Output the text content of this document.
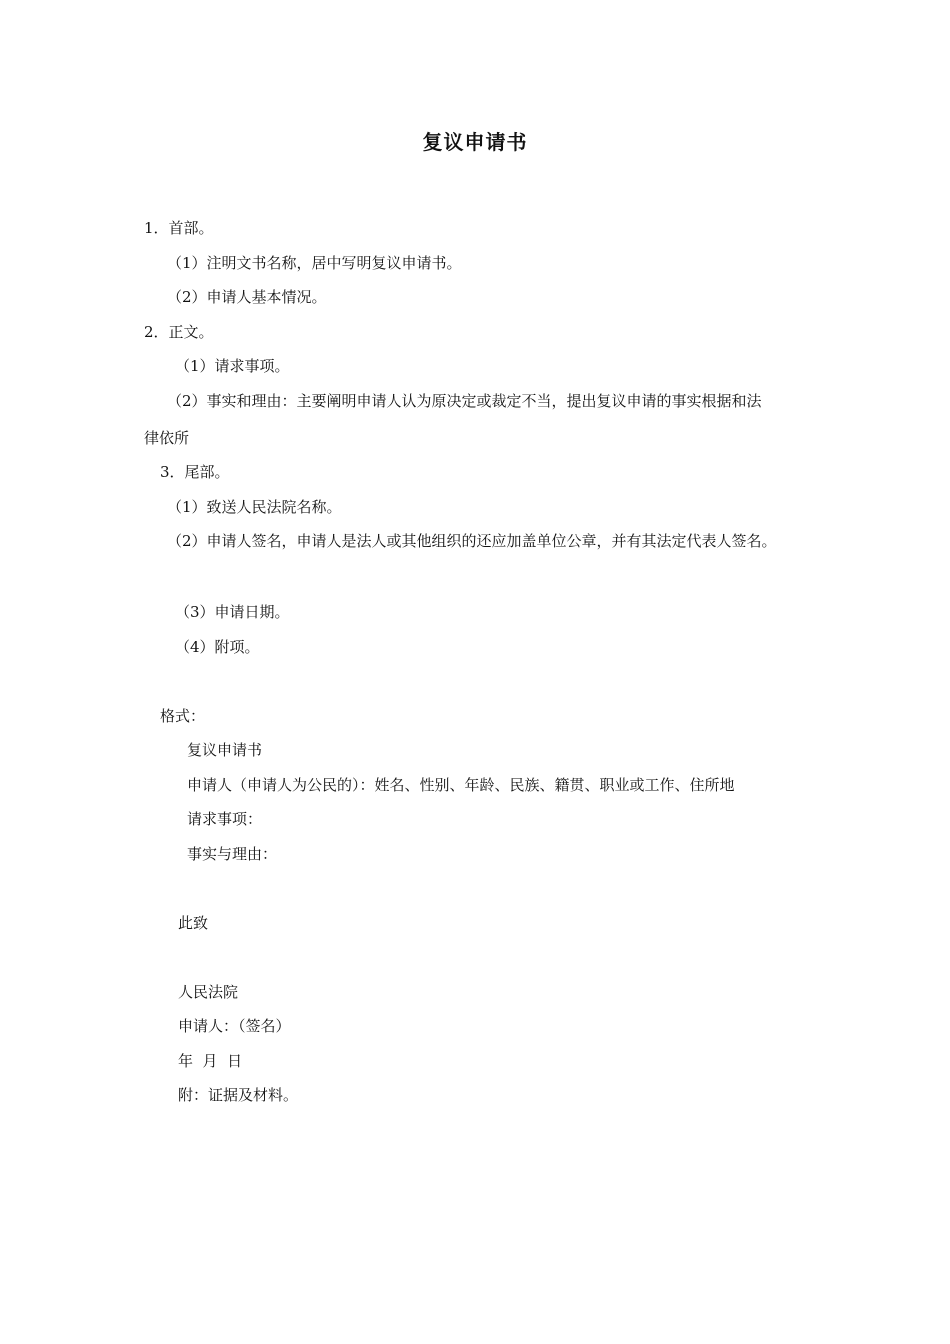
复议申请书
1．首部。
（1）注明文书名称，居中写明复议申请书。
（2）申请人基本情况。
2．正文。
（1）请求事项。
（2）事实和理由：主要阐明申请人认为原决定或裁定不当，提出复议申请的事实根据和法
律依所
3．尾部。
（1）致送人民法院名称。
（2）申请人签名，申请人是法人或其他组织的还应加盖单位公章，并有其法定代表人签名。
（3）申请日期。
（4）附项。
格式：
复议申请书
申请人（申请人为公民的）：姓名、性别、年龄、民族、籍贯、职业或工作、住所地
请求事项：
事实与理由：
此致
人民法院
申请人：（签名）
年  月  日
附：证据及材料。
